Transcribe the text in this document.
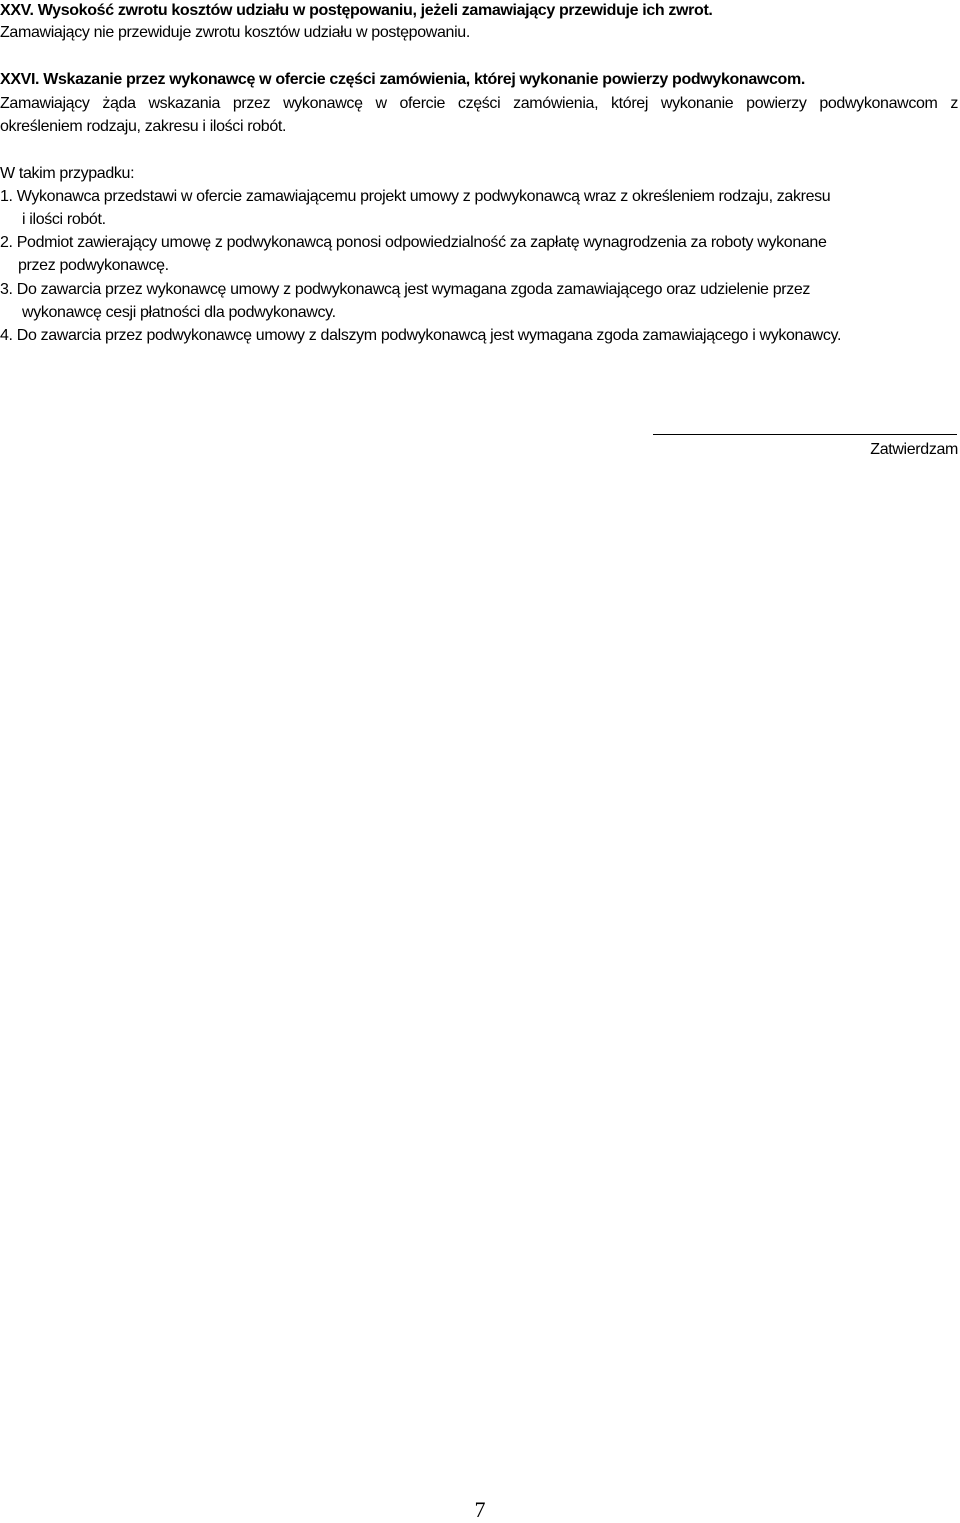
XXV. Wysokość zwrotu kosztów udziału w postępowaniu, jeżeli zamawiający przewiduje ich zwrot.
Zamawiający nie przewiduje zwrotu kosztów udziału w postępowaniu.
XXVI. Wskazanie przez wykonawcę w ofercie części zamówienia, której wykonanie powierzy podwykonawcom.
Zamawiający żąda wskazania przez wykonawcę w ofercie części zamówienia, której wykonanie powierzy podwykonawcom z
określeniem rodzaju, zakresu i ilości robót.
W takim przypadku:
1. Wykonawca przedstawi w ofercie zamawiającemu projekt umowy z podwykonawcą wraz z określeniem rodzaju, zakresu
i ilości robót.
2. Podmiot zawierający umowę z podwykonawcą ponosi odpowiedzialność za zapłatę wynagrodzenia za roboty wykonane
przez podwykonawcę.
3. Do zawarcia przez wykonawcę umowy z podwykonawcą jest wymagana zgoda zamawiającego oraz udzielenie przez
wykonawcę cesji płatności dla podwykonawcy.
4. Do zawarcia przez podwykonawcę umowy z dalszym podwykonawcą jest wymagana zgoda zamawiającego i wykonawcy.
Zatwierdzam
7
